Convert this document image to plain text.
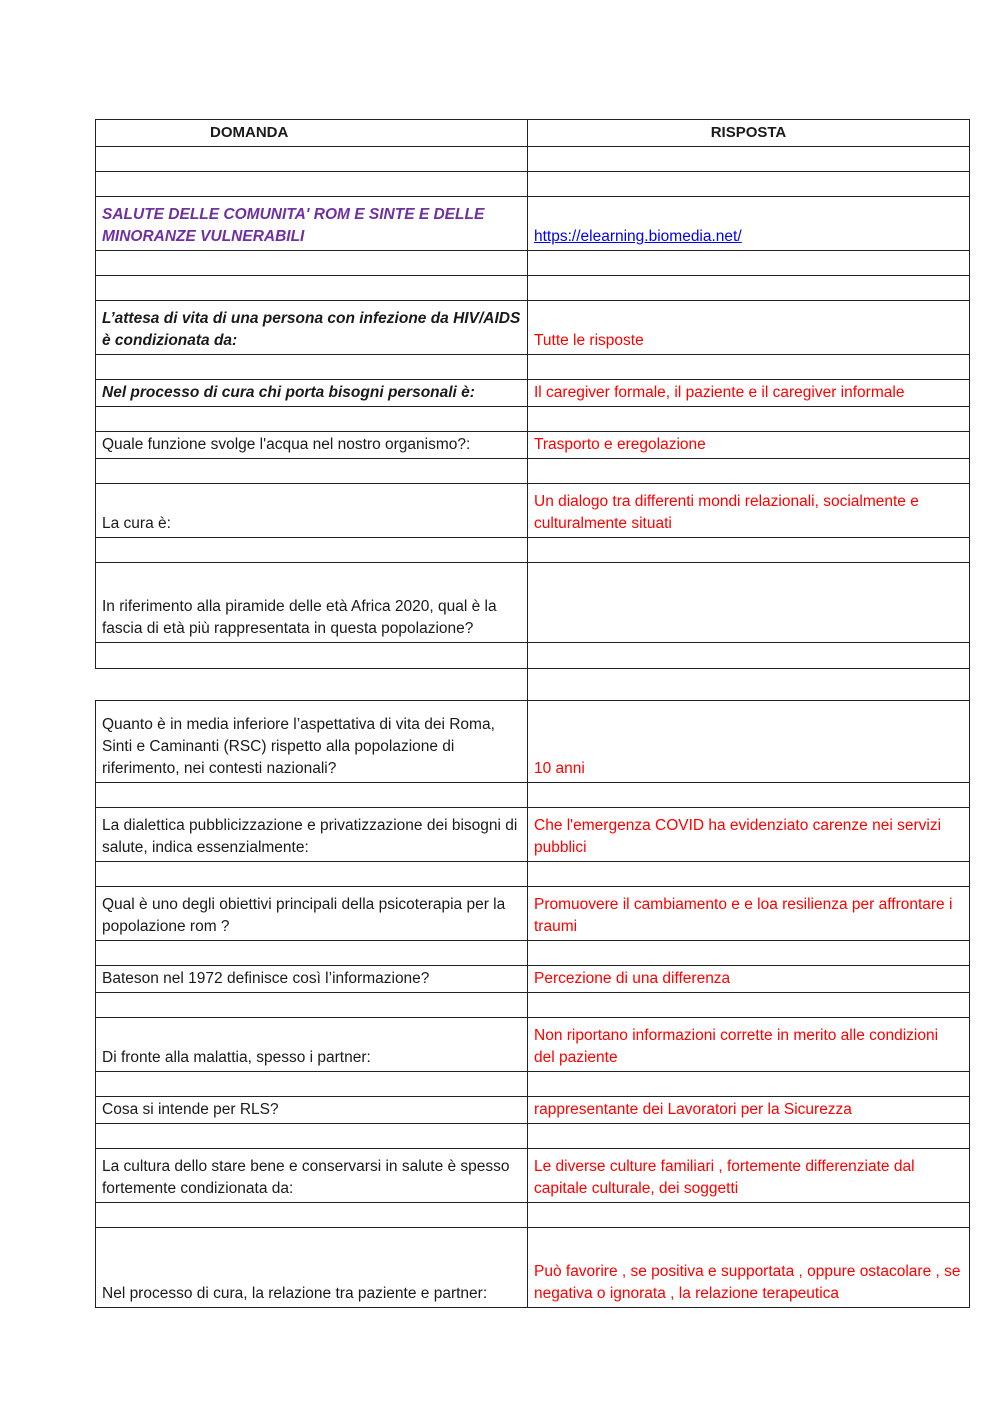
DOMANDA	RISPOSTA

SALUTE DELLE COMUNITA' ROM E SINTE E DELLE
MINORANZE VULNERABILI	https://elearning.biomedia.net/

L’attesa di vita di una persona con infezione da HIV/AIDS è condizionata da:	Tutte le risposte

Nel processo di cura chi porta bisogni personali è:	Il caregiver formale, il paziente e il caregiver informale

Quale funzione svolge l'acqua nel nostro organismo?:	Trasporto e eregolazione

La cura è:	Un dialogo tra differenti mondi relazionali, socialmente e culturalmente situati

In riferimento alla piramide delle età Africa 2020, qual è la fascia di età più rappresentata in questa popolazione?	

Quanto è in media inferiore l’aspettativa di vita dei Roma, Sinti e Caminanti (RSC) rispetto alla popolazione di riferimento, nei contesti nazionali?	10 anni

La dialettica pubblicizzazione e privatizzazione dei bisogni di salute, indica essenzialmente:	Che l'emergenza COVID ha evidenziato carenze nei servizi pubblici

Qual è uno degli obiettivi principali della psicoterapia per la popolazione rom ?	Promuovere il cambiamento e e loa resilienza per affrontare i traumi

Bateson nel 1972 definisce così l’informazione?	Percezione di una differenza

Di fronte alla malattia, spesso i partner:	Non riportano informazioni corrette in merito alle condizioni del paziente

Cosa si intende per RLS?	rappresentante dei Lavoratori per la Sicurezza

La cultura dello stare bene e conservarsi in salute è spesso fortemente condizionata da:	Le diverse culture familiari , fortemente differenziate dal capitale culturale, dei soggetti

Nel processo di cura, la relazione tra paziente e partner:	Può favorire , se positiva e supportata , oppure ostacolare , se negativa o ignorata , la relazione terapeutica
